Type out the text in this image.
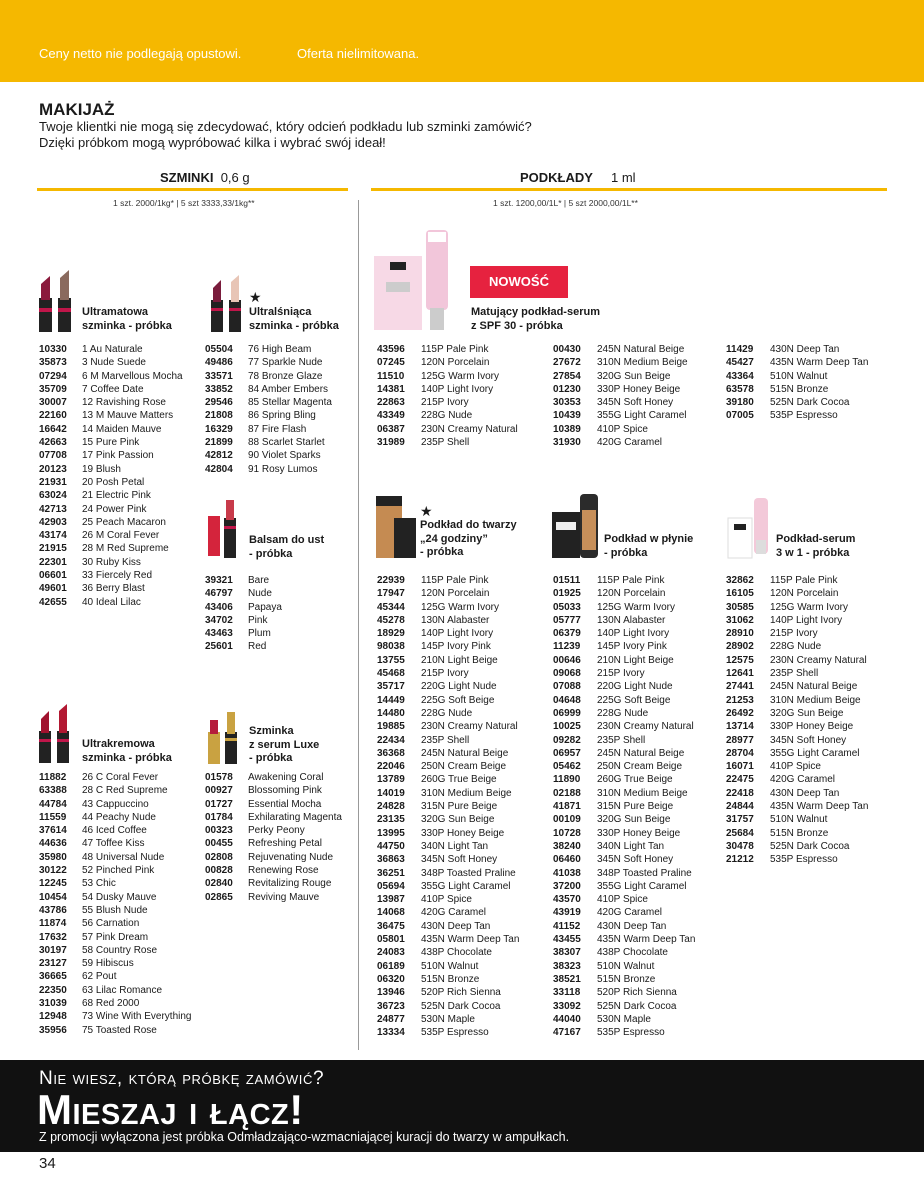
Ceny netto nie podlegają opustowi.	Oferta nielimitowana.
MAKIJAŻ
Twoje klientki nie mogą się zdecydować, który odcień podkładu lub szminki zamówić?
Dzięki próbkom mogą wypróbować kilka i wybrać swój ideał!
SZMINKI 0,6 g
1 szt. 2000/1kg* | 5 szt 3333,33/1kg**
PODKŁADY 1 ml
1 szt. 1200,00/1L* | 5 szt 2000,00/1L**
★
NOWOŚĆ
★
Ultramatowa
szminka - próbka
Ultralśniąca
szminka - próbka
Balsam do ust
- próbka
Ultrakremowa
szminka - próbka
Szminka
z serum Luxe
- próbka
Matujący podkład-serum
z SPF 30 - próbka
Podkład do twarzy
„24 godziny”
- próbka
Podkład w płynie
- próbka
Podkład-serum
3 w 1 - próbka
10330	1 Au Naturale
35873	3 Nude Suede
07294	6 M Marvellous Mocha
35709	7 Coffee Date
30007	12 Ravishing Rose
22160	13 M Mauve Matters
16642	14 Maiden Mauve
42663	15 Pure Pink
07708	17 Pink Passion
20123	19 Blush
21931	20 Posh Petal
63024	21 Electric Pink
42713	24 Power Pink
42903	25 Peach Macaron
43174	26 M Coral Fever
21915	28 M Red Supreme
22301	30 Ruby Kiss
06601	33 Fiercely Red
49601	36 Berry Blast
42655	40 Ideal Lilac
05504	76 High Beam
49486	77 Sparkle Nude
33571	78 Bronze Glaze
33852	84 Amber Embers
29546	85 Stellar Magenta
21808	86 Spring Bling
16329	87 Fire Flash
21899	88 Scarlet Starlet
42812	90 Violet Sparks
42804	91 Rosy Lumos
39321	Bare
46797	Nude
43406	Papaya
34702	Pink
43463	Plum
25601	Red
11882	26 C Coral Fever
63388	28 C Red Supreme
44784	43 Cappuccino
11559	44 Peachy Nude
37614	46 Iced Coffee
44636	47 Toffee Kiss
35980	48 Universal Nude
30122	52 Pinched Pink
12245	53 Chic
10454	54 Dusky Mauve
43786	55 Blush Nude
11874	56 Carnation
17632	57 Pink Dream
30197	58 Country Rose
23127	59 Hibiscus
36665	62 Pout
22350	63 Lilac Romance
31039	68 Red 2000
12948	73 Wine With Everything
35956	75 Toasted Rose
01578	Awakening Coral
00927	Blossoming Pink
01727	Essential Mocha
01784	Exhilarating Magenta
00323	Perky Peony
00455	Refreshing Petal
02808	Rejuvenating Nude
00828	Renewing Rose
02840	Revitalizing Rouge
02865	Reviving Mauve
43596	115P Pale Pink
07245	120N Porcelain
11510	125G Warm Ivory
14381	140P Light Ivory
22863	215P Ivory
43349	228G Nude
06387	230N Creamy Natural
31989	235P Shell
00430	245N Natural Beige
27672	310N Medium Beige
27854	320G Sun Beige
01230	330P Honey Beige
30353	345N Soft Honey
10439	355G Light Caramel
10389	410P Spice
31930	420G Caramel
11429	430N Deep Tan
45427	435N Warm Deep Tan
43364	510N Walnut
63578	515N Bronze
39180	525N Dark Cocoa
07005	535P Espresso
22939	115P Pale Pink
17947	120N Porcelain
45344	125G Warm Ivory
45278	130N Alabaster
18929	140P Light Ivory
98038	145P Ivory Pink
13755	210N Light Beige
45468	215P Ivory
35717	220G Light Nude
14449	225G Soft Beige
14480	228G Nude
19885	230N Creamy Natural
22434	235P Shell
36368	245N Natural Beige
22046	250N Cream Beige
13789	260G True Beige
14019	310N Medium Beige
24828	315N Pure Beige
23135	320G Sun Beige
13995	330P Honey Beige
44750	340N Light Tan
36863	345N Soft Honey
36251	348P Toasted Praline
05694	355G Light Caramel
13987	410P Spice
14068	420G Caramel
36475	430N Deep Tan
05801	435N Warm Deep Tan
24083	438P Chocolate
06189	510N Walnut
06320	515N Bronze
13946	520P Rich Sienna
36723	525N Dark Cocoa
24877	530N Maple
13334	535P Espresso
01511	115P Pale Pink
01925	120N Porcelain
05033	125G Warm Ivory
05777	130N Alabaster
06379	140P Light Ivory
11239	145P Ivory Pink
00646	210N Light Beige
09068	215P Ivory
07088	220G Light Nude
04648	225G Soft Beige
06999	228G Nude
10025	230N Creamy Natural
09282	235P Shell
06957	245N Natural Beige
05462	250N Cream Beige
11890	260G True Beige
02188	310N Medium Beige
41871	315N Pure Beige
00109	320G Sun Beige
10728	330P Honey Beige
38240	340N Light Tan
06460	345N Soft Honey
41038	348P Toasted Praline
37200	355G Light Caramel
43570	410P Spice
43919	420G Caramel
41152	430N Deep Tan
43455	435N Warm Deep Tan
38307	438P Chocolate
38323	510N Walnut
38521	515N Bronze
33118	520P Rich Sienna
33092	525N Dark Cocoa
44040	530N Maple
47167	535P Espresso
32862	115P Pale Pink
16105	120N Porcelain
30585	125G Warm Ivory
31062	140P Light Ivory
28910	215P Ivory
28902	228G Nude
12575	230N Creamy Natural
12641	235P Shell
27441	245N Natural Beige
21253	310N Medium Beige
26492	320G Sun Beige
13714	330P Honey Beige
28977	345N Soft Honey
28704	355G Light Caramel
16071	410P Spice
22475	420G Caramel
22418	430N Deep Tan
24844	435N Warm Deep Tan
31757	510N Walnut
25684	515N Bronze
30478	525N Dark Cocoa
21212	535P Espresso
Nie wiesz, którą próbkę zamówić?
Mieszaj i łącz!
Z promocji wyłączona jest próbka Odmładzająco-wzmacniającej kuracji do twarzy w ampułkach.
34
